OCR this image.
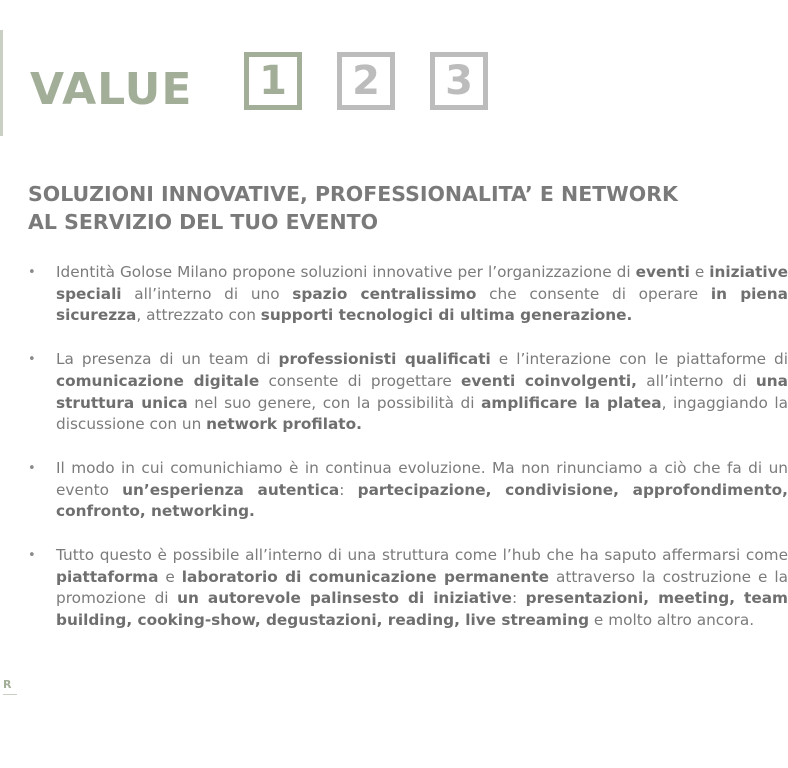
VALUE	1	2	3
SOLUZIONI INNOVATIVE, PROFESSIONALITA’ E NETWORK
AL SERVIZIO DEL TUO EVENTO
• Identità Golose Milano propone soluzioni innovative per l’organizzazione di eventi e iniziative speciali all’interno di uno spazio centralissimo che consente di operare in piena sicurezza, attrezzato con supporti tecnologici di ultima generazione.
• La presenza di un team di professionisti qualificati e l’interazione con le piattaforme di comunicazione digitale consente di progettare eventi coinvolgenti, all’interno di una struttura unica nel suo genere, con la possibilità di amplificare la platea, ingaggiando la discussione con un network profilato.
• Il modo in cui comunichiamo è in continua evoluzione. Ma non rinunciamo a ciò che fa di un evento un’esperienza autentica: partecipazione, condivisione, approfondimento, confronto, networking.
• Tutto questo è possibile all’interno di una struttura come l’hub che ha saputo affermarsi come piattaforma e laboratorio di comunicazione permanente attraverso la costruzione e la promozione di un autorevole palinsesto di iniziative: presentazioni, meeting, team building, cooking-show, degustazioni, reading, live streaming e molto altro ancora.
R
